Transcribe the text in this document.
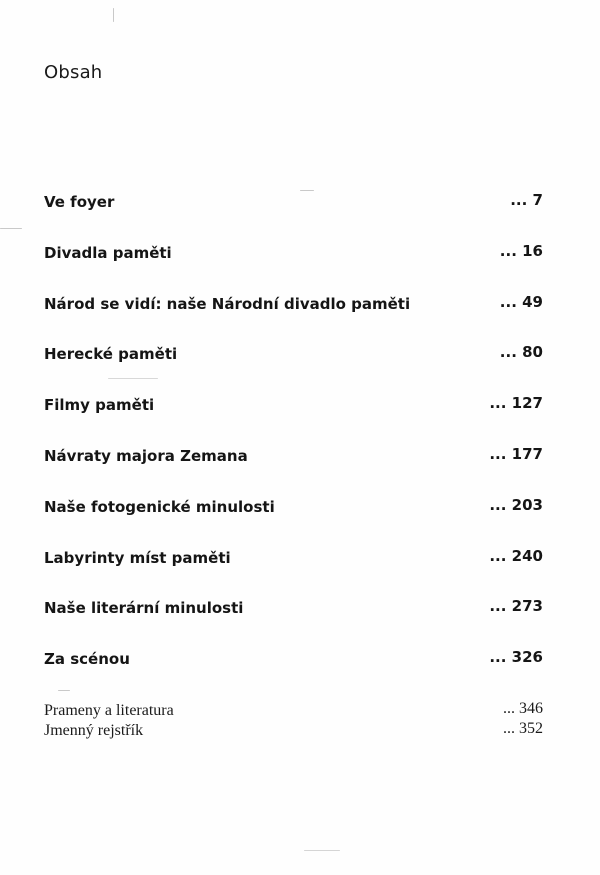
Obsah
Ve foyer	... 7
Divadla paměti	... 16
Národ se vidí: naše Národní divadlo paměti	... 49
Herecké paměti	... 80
Filmy paměti	... 127
Návraty majora Zemana	... 177
Naše fotogenické minulosti	... 203
Labyrinty míst paměti	... 240
Naše literární minulosti	... 273
Za scénou	... 326
Prameny a literatura	... 346
Jmenný rejstřík	... 352
